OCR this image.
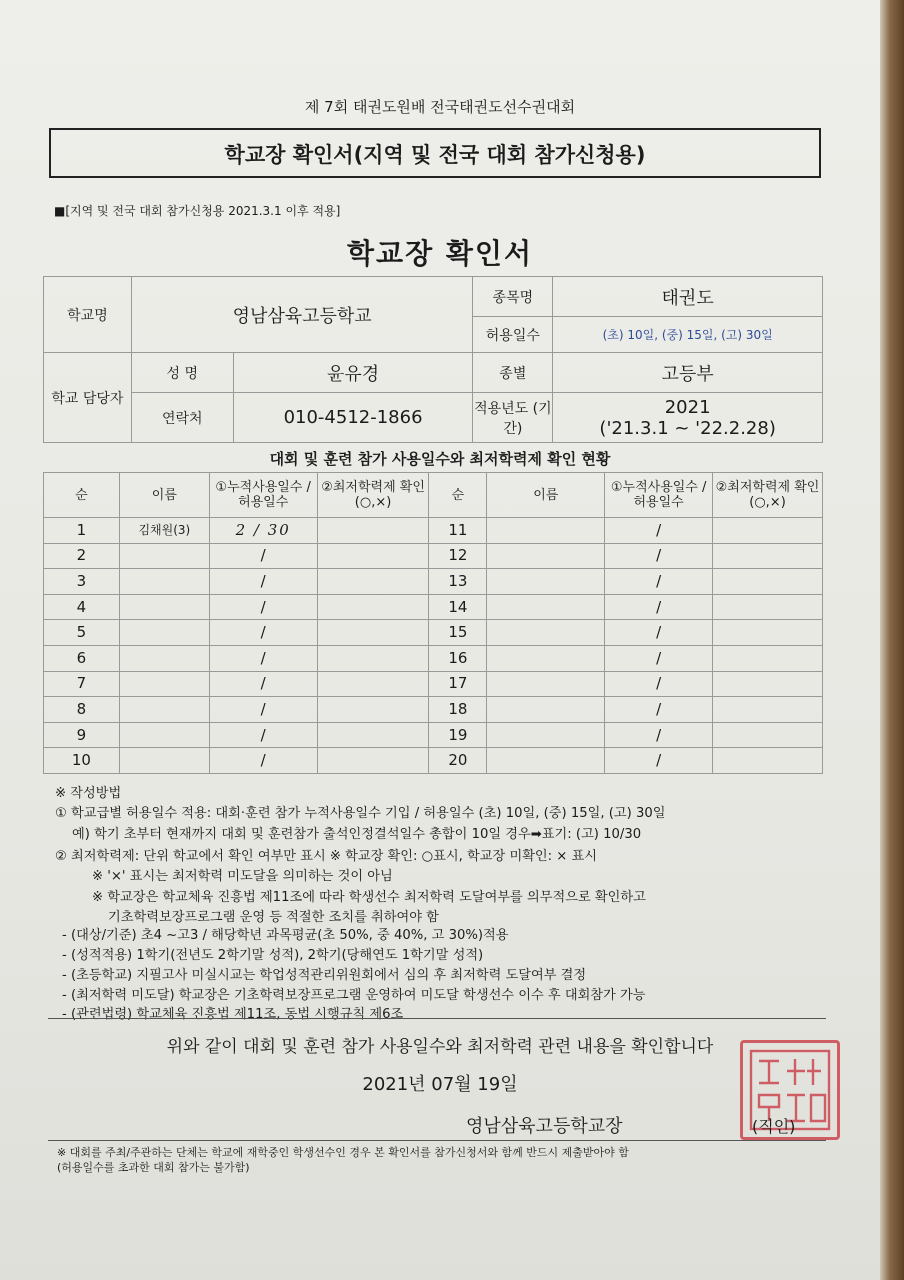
제 7회 태권도원배 전국태권도선수권대회
학교장 확인서(지역 및 전국 대회 참가신청용)
■[지역 및 전국 대회 참가신청용 2021.3.1 이후 적용]
학교장 확인서
학교명	영남삼육고등학교		종목명	태권도
			허용일수	(초) 10일, (중) 15일, (고) 30일
학교 담당자	성 명	윤유경	종별	고등부
	연락처	010-4512-1866	적용년도 (기간)	2021
('21.3.1 ~ '22.2.28)
대회 및 훈련 참가 사용일수와 최저학력제 확인 현황
순	이름	①누적사용일수 /허용일수	②최저학력제 확인(○,×)	순	이름	①누적사용일수 /허용일수	②최저학력제 확인(○,×)
1	김채원(3)	2 / 30		11		/	
2		/		12		/	
3		/		13		/	
4		/		14		/	
5		/		15		/	
6		/		16		/	
7		/		17		/	
8		/		18		/	
9		/		19		/	
10		/		20		/	
※ 작성방법
① 학교급별 허용일수 적용: 대회·훈련 참가 누적사용일수 기입 / 허용일수 (초) 10일, (중) 15일, (고) 30일
예) 학기 초부터 현재까지 대회 및 훈련참가 출석인정결석일수 총합이 10일 경우➡표기: (고) 10/30
② 최저학력제: 단위 학교에서 확인 여부만 표시 ※ 학교장 확인: ○표시, 학교장 미확인: × 표시
※ '×' 표시는 최저학력 미도달을 의미하는 것이 아님
※ 학교장은 학교체육 진흥법 제11조에 따라 학생선수 최저학력 도달여부를 의무적으로 확인하고
기초학력보장프로그램 운영 등 적절한 조치를 취하여야 함
- (대상/기준) 초4 ~고3 / 해당학년 과목평균(초 50%, 중 40%, 고 30%)적용
- (성적적용) 1학기(전년도 2학기말 성적), 2학기(당해연도 1학기말 성적)
- (초등학교) 지필고사 미실시교는 학업성적관리위원회에서 심의 후 최저학력 도달여부 결정
- (최저학력 미도달) 학교장은 기초학력보장프로그램 운영하여 미도달 학생선수 이수 후 대회참가 가능
- (관련법령) 학교체육 진흥법 제11조, 동법 시행규칙 제6조
위와 같이 대회 및 훈련 참가 사용일수와 최저학력 관련 내용을 확인합니다
2021년 07월 19일
영남삼육고등학교장	(직인)
※ 대회를 주최/주관하는 단체는 학교에 재학중인 학생선수인 경우 본 확인서를 참가신청서와 함께 반드시 제출받아야 함
(허용일수를 초과한 대회 참가는 불가함)
